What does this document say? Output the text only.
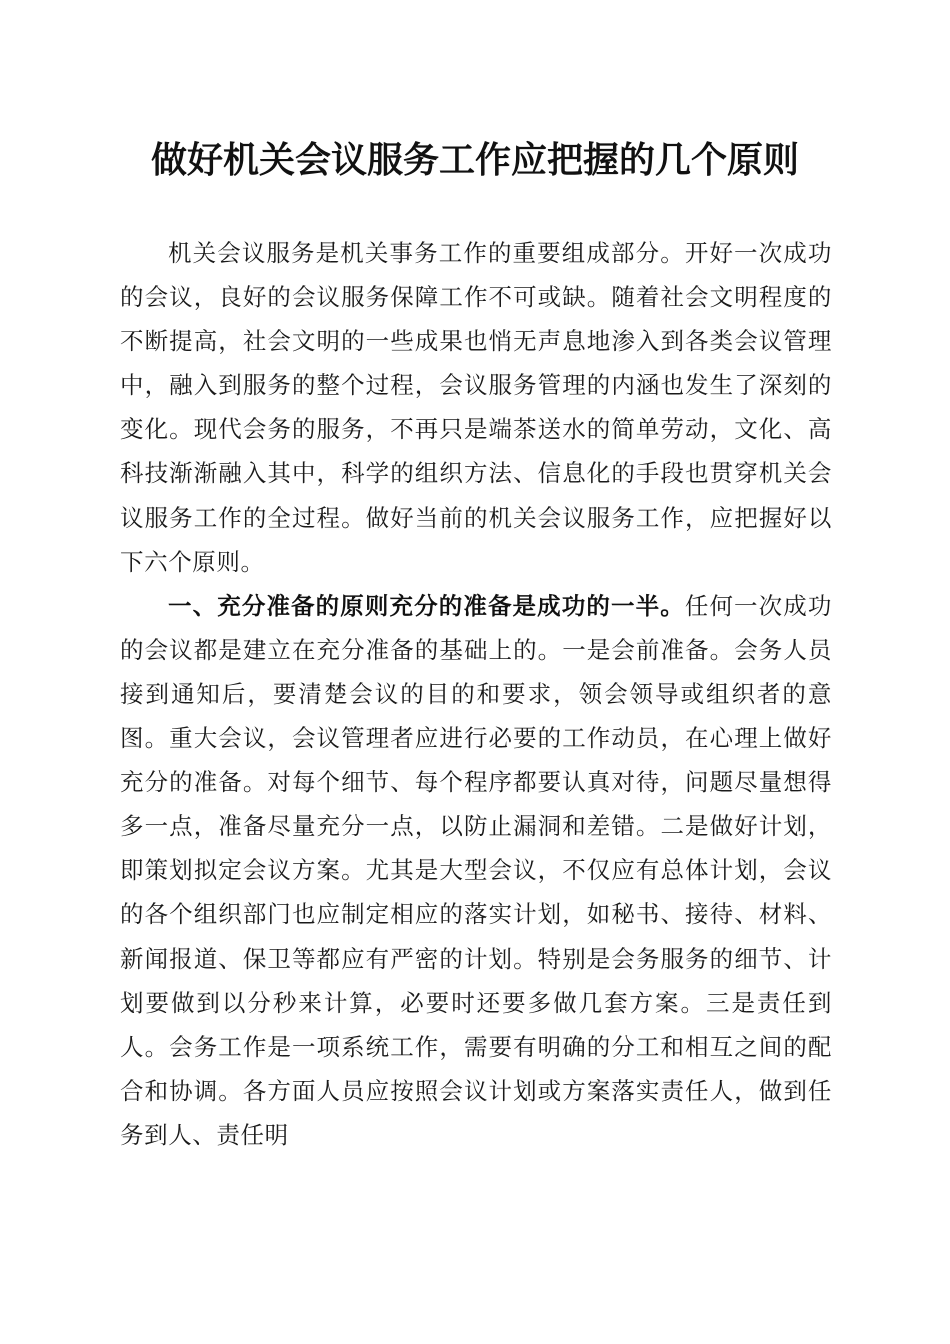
做好机关会议服务工作应把握的几个原则

机关会议服务是机关事务工作的重要组成部分。开好一次成功的会议，良好的会议服务保障工作不可或缺。随着社会文明程度的不断提高，社会文明的一些成果也悄无声息地渗入到各类会议管理中，融入到服务的整个过程，会议服务管理的内涵也发生了深刻的变化。现代会务的服务，不再只是端茶送水的简单劳动，文化、高科技渐渐融入其中，科学的组织方法、信息化的手段也贯穿机关会议服务工作的全过程。做好当前的机关会议服务工作，应把握好以下六个原则。

一、充分准备的原则充分的准备是成功的一半。任何一次成功的会议都是建立在充分准备的基础上的。一是会前准备。会务人员接到通知后，要清楚会议的目的和要求，领会领导或组织者的意图。重大会议，会议管理者应进行必要的工作动员，在心理上做好充分的准备。对每个细节、每个程序都要认真对待，问题尽量想得多一点，准备尽量充分一点，以防止漏洞和差错。二是做好计划，即策划拟定会议方案。尤其是大型会议，不仅应有总体计划，会议的各个组织部门也应制定相应的落实计划，如秘书、接待、材料、新闻报道、保卫等都应有严密的计划。特别是会务服务的细节、计划要做到以分秒来计算，必要时还要多做几套方案。三是责任到人。会务工作是一项系统工作，需要有明确的分工和相互之间的配合和协调。各方面人员应按照会议计划或方案落实责任人，做到任务到人、责任明
